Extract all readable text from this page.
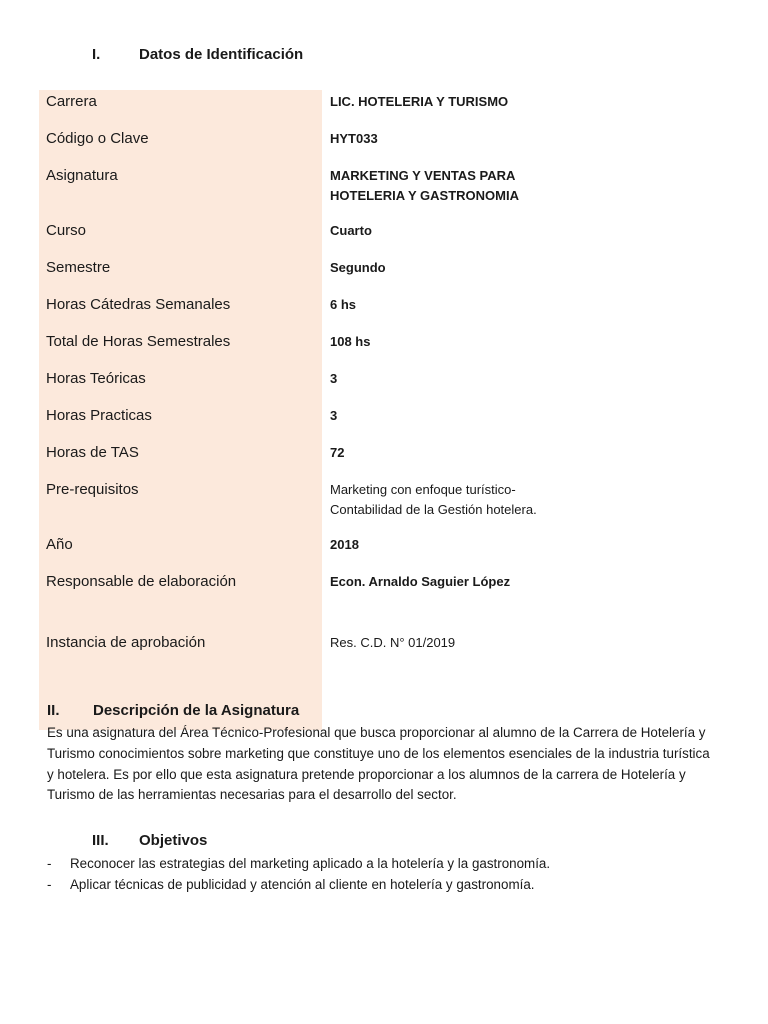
I.	Datos de Identificación
Carrera	LIC. HOTELERIA Y TURISMO
Código o Clave	HYT033
Asignatura	MARKETING Y VENTAS PARA HOTELERIA Y GASTRONOMIA
Curso	Cuarto
Semestre	Segundo
Horas Cátedras Semanales	6 hs
Total de Horas Semestrales	108 hs
Horas Teóricas	3
Horas Practicas	3
Horas de TAS	72
Pre-requisitos	Marketing con enfoque turístico- Contabilidad de la Gestión hotelera.
Año	2018
Responsable de elaboración	Econ. Arnaldo Saguier López
Instancia de aprobación	Res. C.D. N° 01/2019
II. Descripción de la Asignatura

Es una asignatura del Área Técnico-Profesional que busca proporcionar al alumno de la Carrera de Hotelería y Turismo conocimientos sobre marketing que constituye uno de los elementos esenciales de la industria turística y hotelera. Es por ello que esta asignatura pretende proporcionar a los alumnos de la carrera de Hotelería y Turismo de las herramientas necesarias para el desarrollo del sector.

III. Objetivos
-	Reconocer las estrategias del marketing aplicado a la hotelería y la gastronomía.
-	Aplicar técnicas de publicidad y atención al cliente en hotelería y gastronomía.
